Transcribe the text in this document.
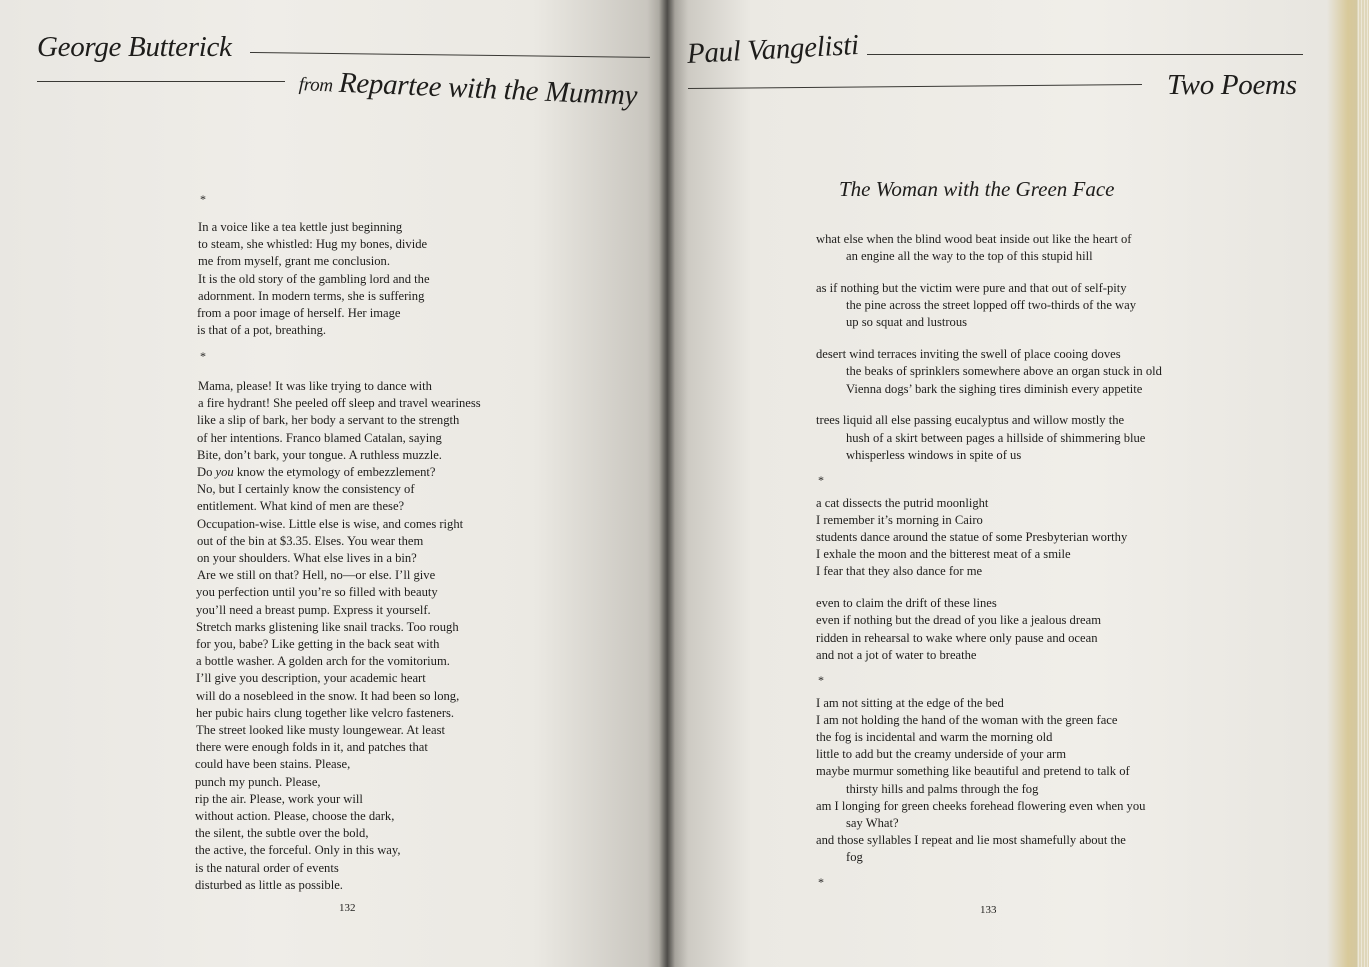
George Butterick
from Repartee with the Mummy
*
In a voice like a tea kettle just beginning
to steam, she whistled: Hug my bones, divide
me from myself, grant me conclusion.
It is the old story of the gambling lord and the
adornment. In modern terms, she is suffering
from a poor image of herself. Her image
is that of a pot, breathing.
*
Mama, please! It was like trying to dance with
a fire hydrant! She peeled off sleep and travel weariness
like a slip of bark, her body a servant to the strength
of her intentions. Franco blamed Catalan, saying
Bite, don’t bark, your tongue. A ruthless muzzle.
Do you know the etymology of embezzlement?
No, but I certainly know the consistency of
entitlement. What kind of men are these?
Occupation-wise. Little else is wise, and comes right
out of the bin at $3.35. Elses. You wear them
on your shoulders. What else lives in a bin?
Are we still on that? Hell, no—or else. I’ll give
you perfection until you’re so filled with beauty
you’ll need a breast pump. Express it yourself.
Stretch marks glistening like snail tracks. Too rough
for you, babe? Like getting in the back seat with
a bottle washer. A golden arch for the vomitorium.
I’ll give you description, your academic heart
will do a nosebleed in the snow. It had been so long,
her pubic hairs clung together like velcro fasteners.
The street looked like musty loungewear. At least
there were enough folds in it, and patches that
could have been stains. Please,
punch my punch. Please,
rip the air. Please, work your will
without action. Please, choose the dark,
the silent, the subtle over the bold,
the active, the forceful. Only in this way,
is the natural order of events
disturbed as little as possible.
132
Paul Vangelisti
Two Poems
The Woman with the Green Face
what else when the blind wood beat inside out like the heart of
an engine all the way to the top of this stupid hill
as if nothing but the victim were pure and that out of self-pity
the pine across the street lopped off two-thirds of the way
up so squat and lustrous
desert wind terraces inviting the swell of place cooing doves
the beaks of sprinklers somewhere above an organ stuck in old
Vienna dogs’ bark the sighing tires diminish every appetite
trees liquid all else passing eucalyptus and willow mostly the
hush of a skirt between pages a hillside of shimmering blue
whisperless windows in spite of us
*
a cat dissects the putrid moonlight
I remember it’s morning in Cairo
students dance around the statue of some Presbyterian worthy
I exhale the moon and the bitterest meat of a smile
I fear that they also dance for me
even to claim the drift of these lines
even if nothing but the dread of you like a jealous dream
ridden in rehearsal to wake where only pause and ocean
and not a jot of water to breathe
*
I am not sitting at the edge of the bed
I am not holding the hand of the woman with the green face
the fog is incidental and warm the morning old
little to add but the creamy underside of your arm
maybe murmur something like beautiful and pretend to talk of
thirsty hills and palms through the fog
am I longing for green cheeks forehead flowering even when you
say What?
and those syllables I repeat and lie most shamefully about the
fog
*
133
